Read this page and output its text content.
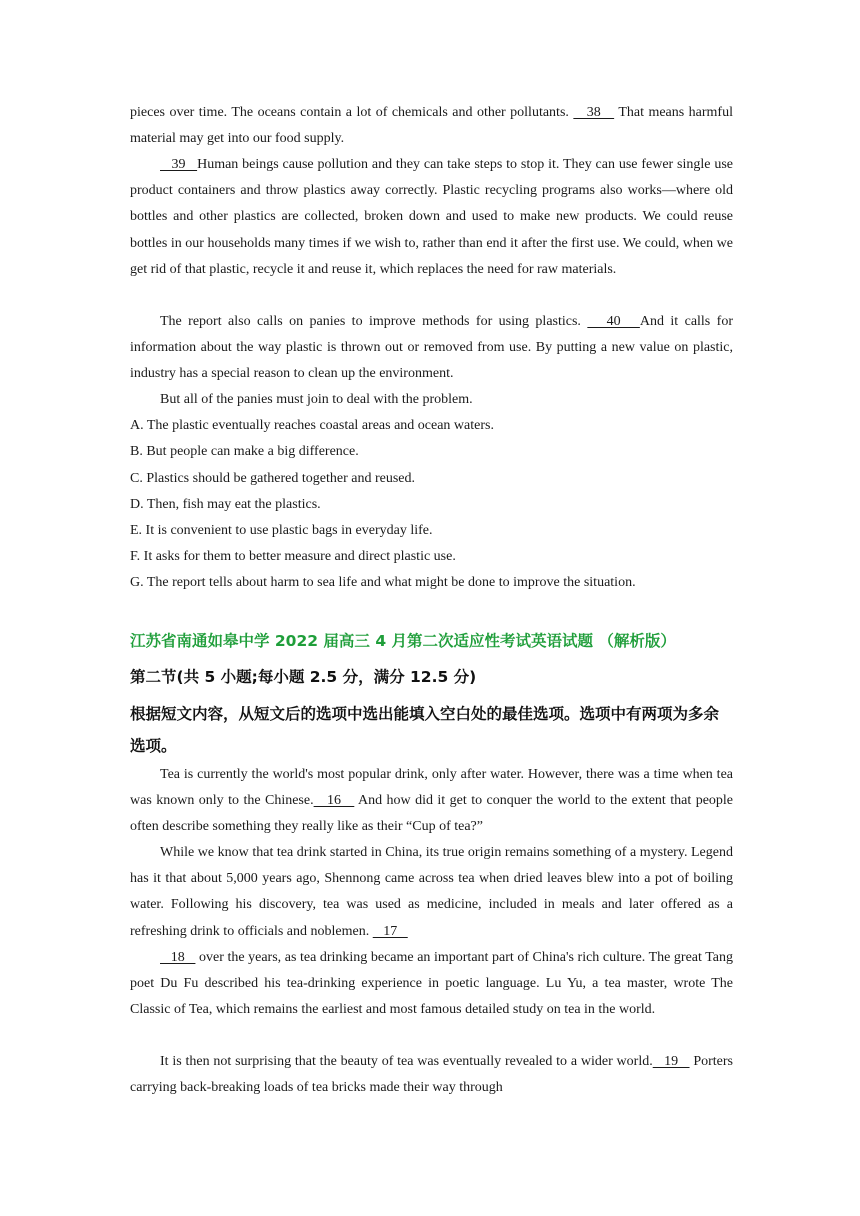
pieces over time. The oceans contain a lot of chemicals and other pollutants.    38    That means harmful material may get into our food supply.

39   Human beings cause pollution and they can take steps to stop it. They can use fewer single use product containers and throw plastics away correctly. Plastic recycling programs also works—where old bottles and other plastics are collected, broken down and used to make new products. We could reuse bottles in our households many times if we wish to, rather than end it after the first use. We could, when we get rid of that plastic, recycle it and reuse it, which replaces the need for raw materials.

The report also calls on panies to improve methods for using plastics.    40   And it calls for information about the way plastic is thrown out or removed from use. By putting a new value on plastic, industry has a special reason to clean up the environment.

But all of the panies must join to deal with the problem.

A. The plastic eventually reaches coastal areas and ocean waters.

B. But people can make a big difference.

C. Plastics should be gathered together and reused.

D. Then, fish may eat the plastics.

E. It is convenient to use plastic bags in everyday life.

F. It asks for them to better measure and direct plastic use.

G. The report tells about harm to sea life and what might be done to improve the situation.

江苏省南通如皋中学 2022 届高三 4 月第二次适应性考试英语试题 （解析版）
第二节(共 5 小题;每小题 2.5 分，满分 12.5 分)
根据短文内容，从短文后的选项中选出能填入空白处的最佳选项。选项中有两项为多余选项。

Tea is currently the world's most popular drink, only after water. However, there was a time when tea was known only to the Chinese.   16    And how did it get to conquer the world to the extent that people often describe something they really like as their “Cup of tea?”

While we know that tea drink started in China, its true origin remains something of a mystery. Legend has it that about 5,000 years ago, Shennong came across tea when dried leaves blew into a pot of boiling water. Following his discovery, tea was used as medicine, included in meals and later offered as a refreshing drink to officials and noblemen.    17

18    over the years, as tea drinking became an important part of China's rich culture. The great Tang poet Du Fu described his tea-drinking experience in poetic language. Lu Yu, a tea master, wrote The Classic of Tea, which remains the earliest and most famous detailed study on tea in the world.

It is then not surprising that the beauty of tea was eventually revealed to a wider world.   19    Porters carrying back-breaking loads of tea bricks made their way through
